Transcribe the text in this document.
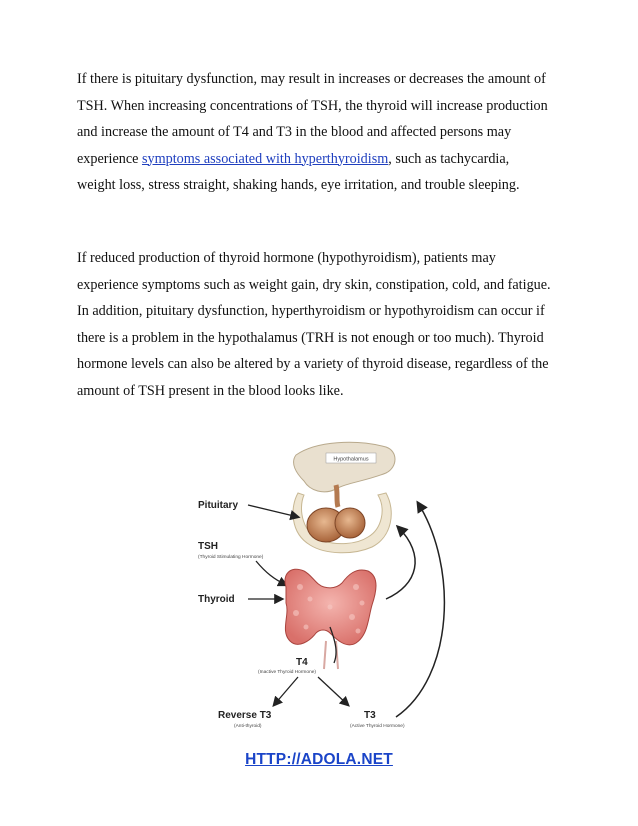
If there is pituitary dysfunction, may result in increases or decreases the amount of
TSH. When increasing concentrations of TSH, the thyroid will increase production
and increase the amount of T4 and T3 in the blood and affected persons may
experience symptoms associated with hyperthyroidism, such as tachycardia,
weight loss, stress straight, shaking hands, eye irritation, and trouble sleeping.
If reduced production of thyroid hormone (hypothyroidism), patients may
experience symptoms such as weight gain, dry skin, constipation, cold, and fatigue.
In addition, pituitary dysfunction, hyperthyroidism or hypothyroidism can occur if
there is a problem in the hypothalamus (TRH is not enough or too much). Thyroid
hormone levels can also be altered by a variety of thyroid disease, regardless of the
amount of TSH present in the blood looks like.
Hypothalamus
Pituitary
TSH
(Thyroid Stimulating Hormone)
Thyroid
T4
(Inactive Thyroid Hormone)
Reverse T3
(Anti-thyroid)
T3
(Active Thyroid Hormone)
HTTP://ADOLA.NET
